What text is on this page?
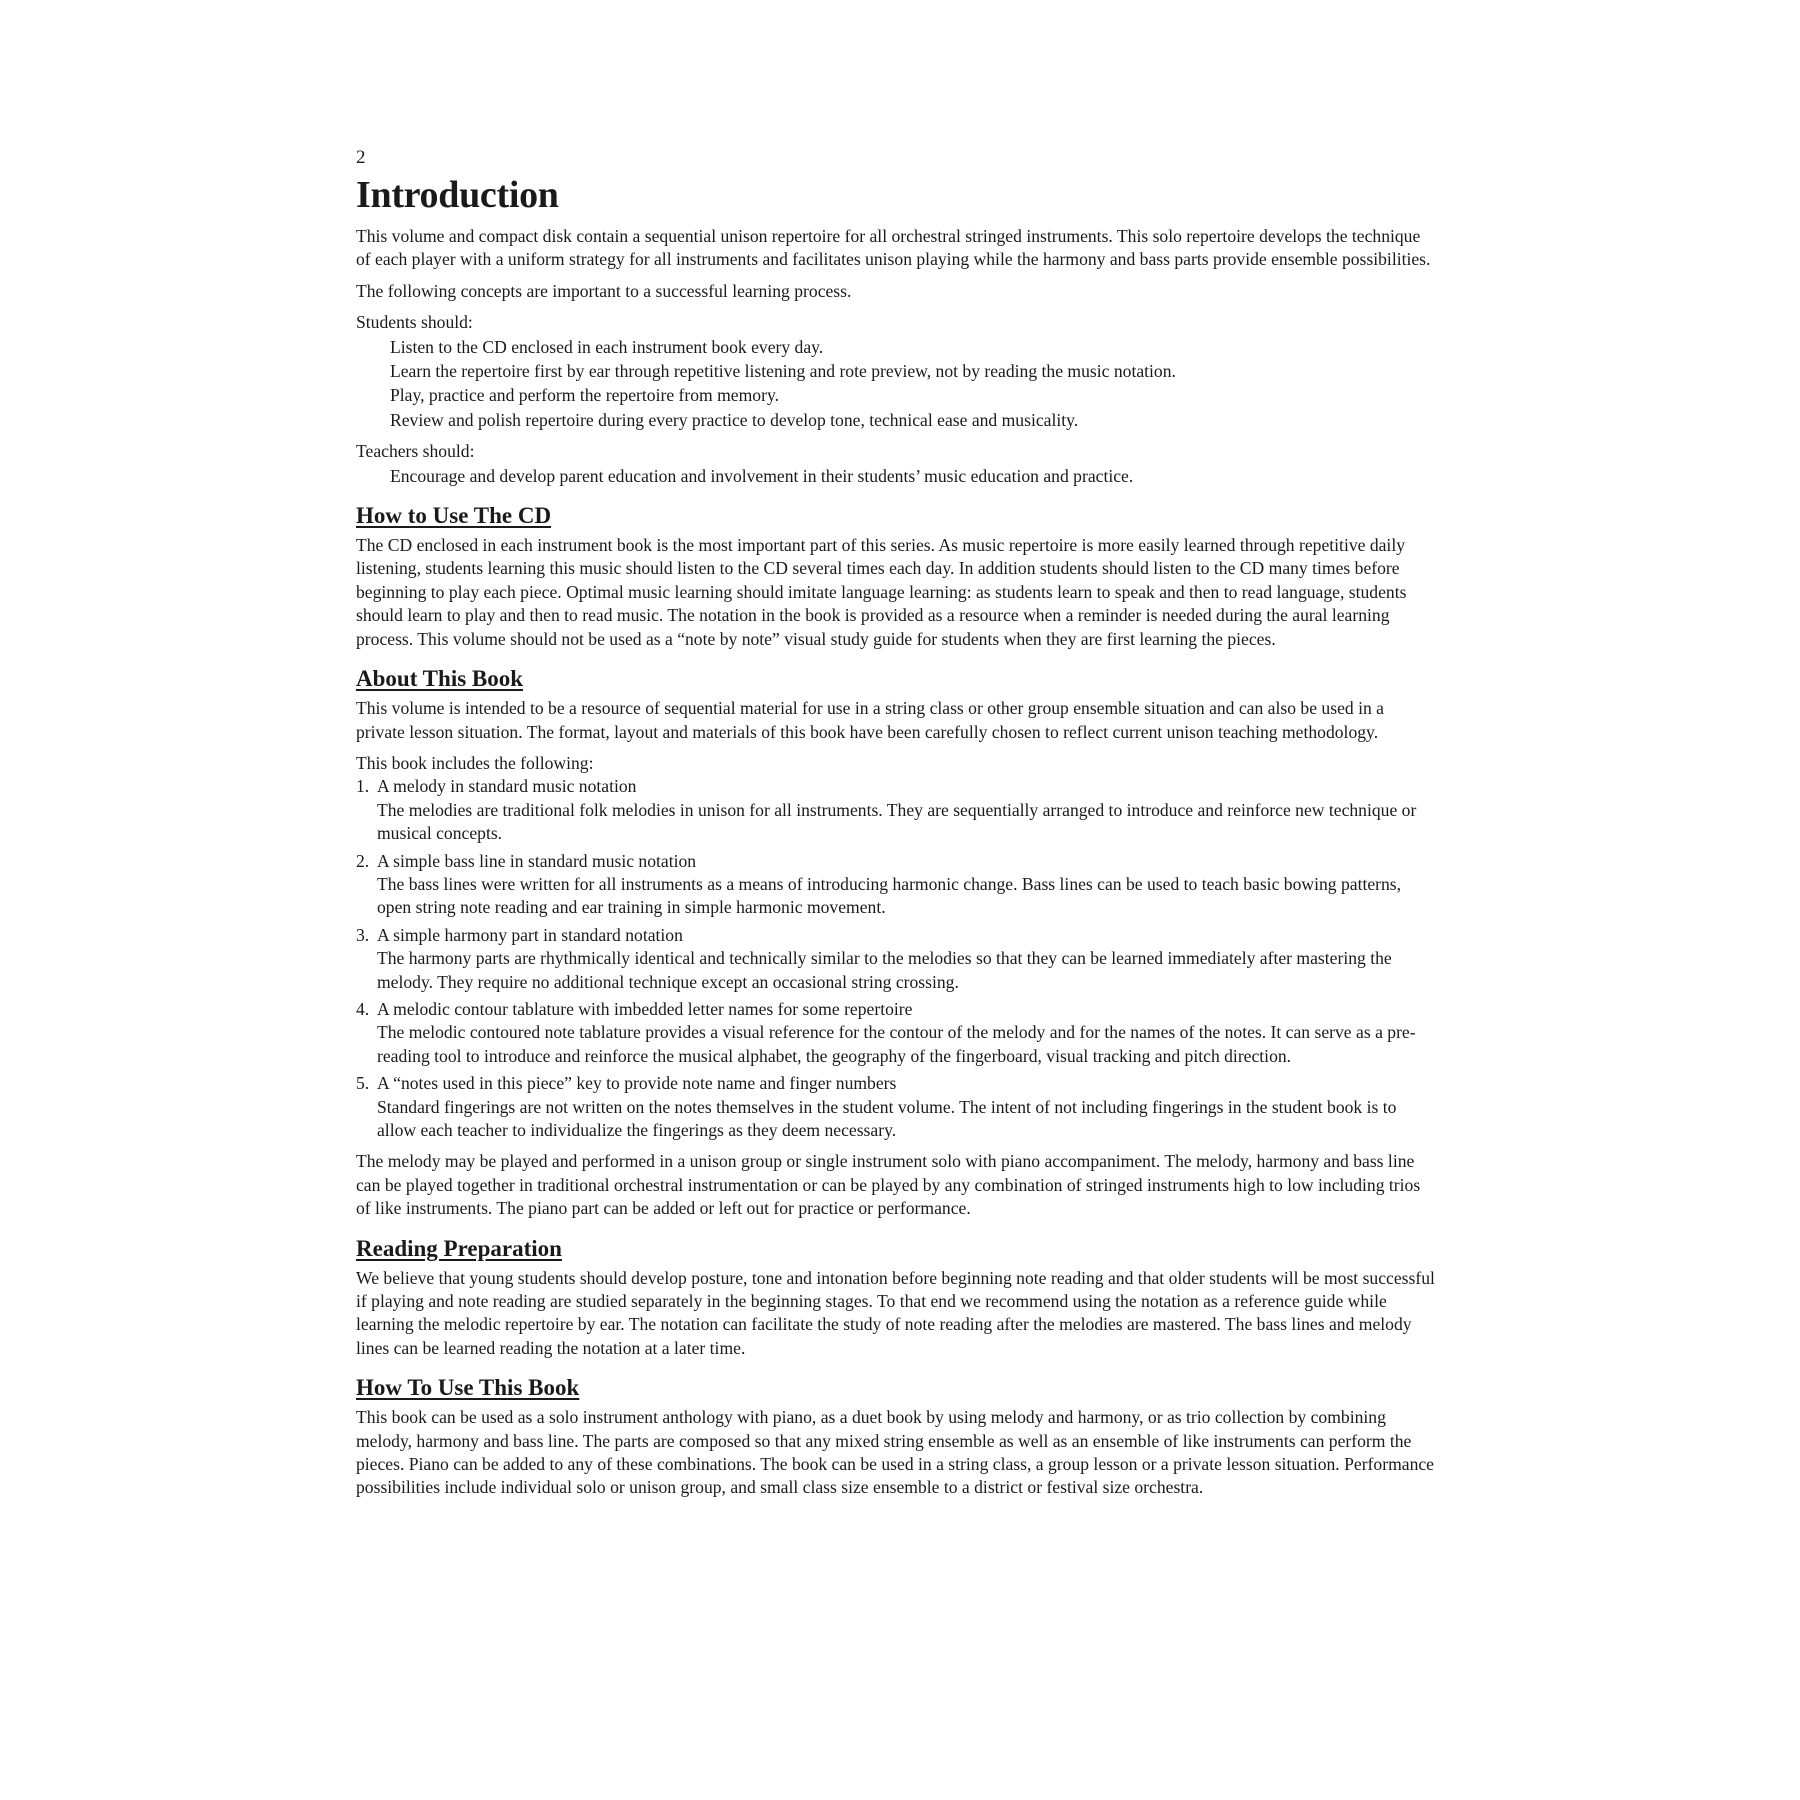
2
Introduction

This volume and compact disk contain a sequential unison repertoire for all orchestral stringed instruments. This solo repertoire develops the technique of each player with a uniform strategy for all instruments and facilitates unison playing while the harmony and bass parts provide ensemble possibilities.

The following concepts are important to a successful learning process.

Students should:

Listen to the CD enclosed in each instrument book every day.
Learn the repertoire first by ear through repetitive listening and rote preview, not by reading the music notation.
Play, practice and perform the repertoire from memory.
Review and polish repertoire during every practice to develop tone, technical ease and musicality.

Teachers should:

Encourage and develop parent education and involvement in their students’ music education and practice.
How to Use The CD

The CD enclosed in each instrument book is the most important part of this series. As music repertoire is more easily learned through repetitive daily listening, students learning this music should listen to the CD several times each day. In addition students should listen to the CD many times before beginning to play each piece. Optimal music learning should imitate language learning: as students learn to speak and then to read language, students should learn to play and then to read music. The notation in the book is provided as a resource when a reminder is needed during the aural learning process. This volume should not be used as a “note by note” visual study guide for students when they are first learning the pieces.

About This Book

This volume is intended to be a resource of sequential material for use in a string class or other group ensemble situation and can also be used in a private lesson situation. The format, layout and materials of this book have been carefully chosen to reflect current unison teaching methodology.

This book includes the following:

1. A melody in standard music notation
The melodies are traditional folk melodies in unison for all instruments. They are sequentially arranged to introduce and reinforce new technique or musical concepts.
2. A simple bass line in standard music notation
The bass lines were written for all instruments as a means of introducing harmonic change. Bass lines can be used to teach basic bowing patterns, open string note reading and ear training in simple harmonic movement.
3. A simple harmony part in standard notation
The harmony parts are rhythmically identical and technically similar to the melodies so that they can be learned immediately after mastering the melody. They require no additional technique except an occasional string crossing.
4. A melodic contour tablature with imbedded letter names for some repertoire
The melodic contoured note tablature provides a visual reference for the contour of the melody and for the names of the notes. It can serve as a pre-reading tool to introduce and reinforce the musical alphabet, the geography of the fingerboard, visual tracking and pitch direction.
5. A “notes used in this piece” key to provide note name and finger numbers
Standard fingerings are not written on the notes themselves in the student volume. The intent of not including fingerings in the student book is to allow each teacher to individualize the fingerings as they deem necessary.

The melody may be played and performed in a unison group or single instrument solo with piano accompaniment. The melody, harmony and bass line can be played together in traditional orchestral instrumentation or can be played by any combination of stringed instruments high to low including trios of like instruments. The piano part can be added or left out for practice or performance.

Reading Preparation

We believe that young students should develop posture, tone and intonation before beginning note reading and that older students will be most successful if playing and note reading are studied separately in the beginning stages. To that end we recommend using the notation as a reference guide while learning the melodic repertoire by ear. The notation can facilitate the study of note reading after the melodies are mastered. The bass lines and melody lines can be learned reading the notation at a later time.

How To Use This Book

This book can be used as a solo instrument anthology with piano, as a duet book by using melody and harmony, or as trio collection by combining melody, harmony and bass line. The parts are composed so that any mixed string ensemble as well as an ensemble of like instruments can perform the pieces. Piano can be added to any of these combinations. The book can be used in a string class, a group lesson or a private lesson situation. Performance possibilities include individual solo or unison group, and small class size ensemble to a district or festival size orchestra.
